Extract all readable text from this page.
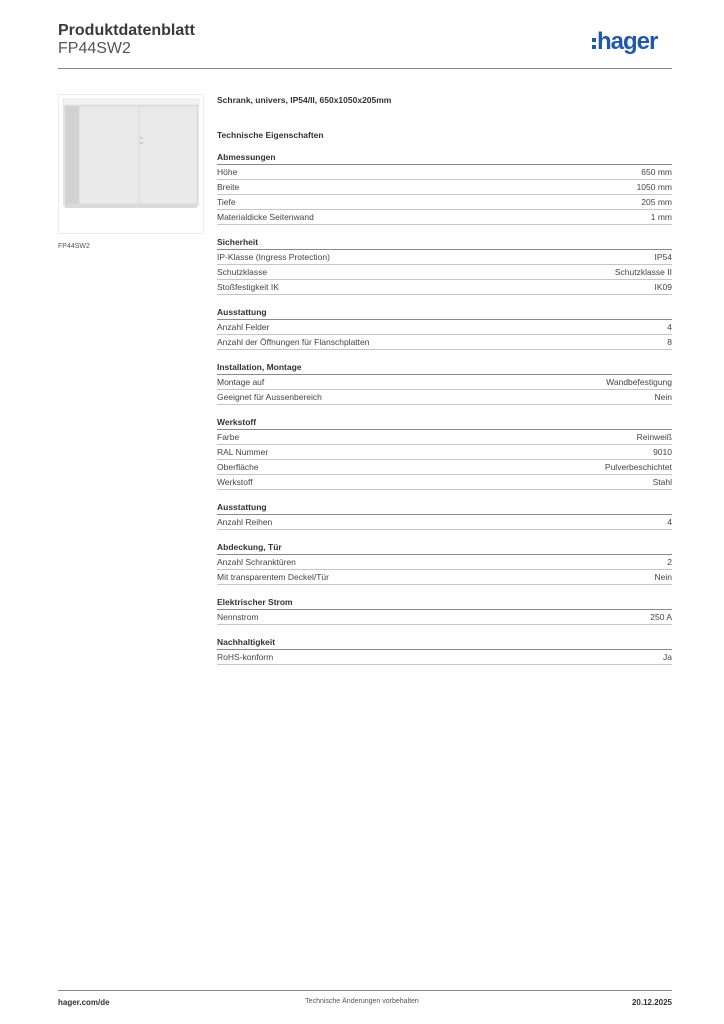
Produktdatenblatt
FP44SW2	hager
FP44SW2
Schrank, univers, IP54/II, 650x1050x205mm
Technische Eigenschaften
Abmessungen
Höhe	650 mm
Breite	1050 mm
Tiefe	205 mm
Materialdicke Seitenwand	1 mm
Sicherheit
IP-Klasse (Ingress Protection)	IP54
Schutzklasse	Schutzklasse II
Stoßfestigkeit IK	IK09
Ausstattung
Anzahl Felder	4
Anzahl der Öffnungen für Flanschplatten	8
Installation, Montage
Montage auf	Wandbefestigung
Geeignet für Aussenbereich	Nein
Werkstoff
Farbe	Reinweiß
RAL Nummer	9010
Oberfläche	Pulverbeschichtet
Werkstoff	Stahl
Ausstattung
Anzahl Reihen	4
Abdeckung, Tür
Anzahl Schranktüren	2
Mit transparentem Deckel/Tür	Nein
Elektrischer Strom
Nennstrom	250 A
Nachhaltigkeit
RoHS-konform	Ja
hager.com/de	Technische Änderungen vorbehalten	20.12.2025
